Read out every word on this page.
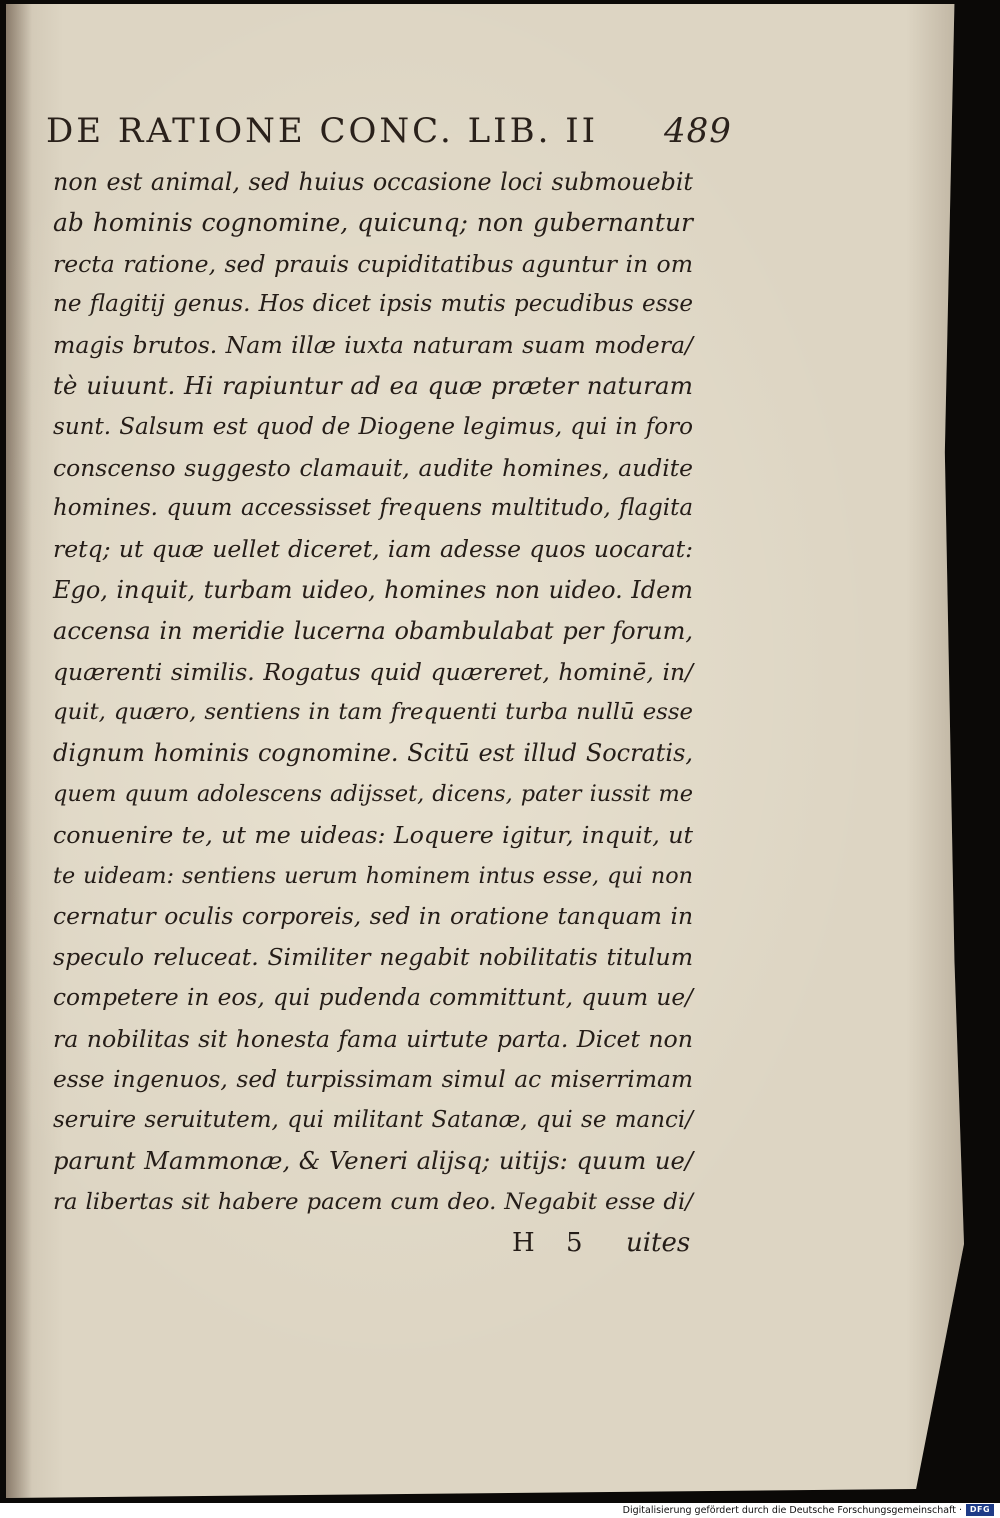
DE RATIONE CONC. LIB. II 489
non est animal, sed huius occasione loci submouebit
ab hominis cognomine, quicunq; non gubernantur
recta ratione, sed prauis cupiditatibus aguntur in om
ne flagitij genus. Hos dicet ipsis mutis pecudibus esse
magis brutos. Nam illæ iuxta naturam suam modera/
tè uiuunt. Hi rapiuntur ad ea quæ præter naturam
sunt. Salsum est quod de Diogene legimus, qui in foro
conscenso suggesto clamauit, audite homines, audite
homines. quum accessisset frequens multitudo, flagita
retq; ut quæ uellet diceret, iam adesse quos uocarat:
Ego, inquit, turbam uideo, homines non uideo. Idem
accensa in meridie lucerna obambulabat per forum,
quærenti similis. Rogatus quid quæreret, hominē, in/
quit, quæro, sentiens in tam frequenti turba nullū esse
dignum hominis cognomine. Scitū est illud Socratis,
quem quum adolescens adijsset, dicens, pater iussit me
conuenire te, ut me uideas: Loquere igitur, inquit, ut
te uideam: sentiens uerum hominem intus esse, qui non
cernatur oculis corporeis, sed in oratione tanquam in
speculo reluceat. Similiter negabit nobilitatis titulum
competere in eos, qui pudenda committunt, quum ue/
ra nobilitas sit honesta fama uirtute parta. Dicet non
esse ingenuos, sed turpissimam simul ac miserrimam
seruire seruitutem, qui militant Satanæ, qui se manci/
parunt Mammonæ, & Veneri alijsq; uitijs: quum ue/
ra libertas sit habere pacem cum deo. Negabit esse di/
H 5 uites
Digitalisierung gefördert durch die Deutsche Forschungsgemeinschaft · DFG
